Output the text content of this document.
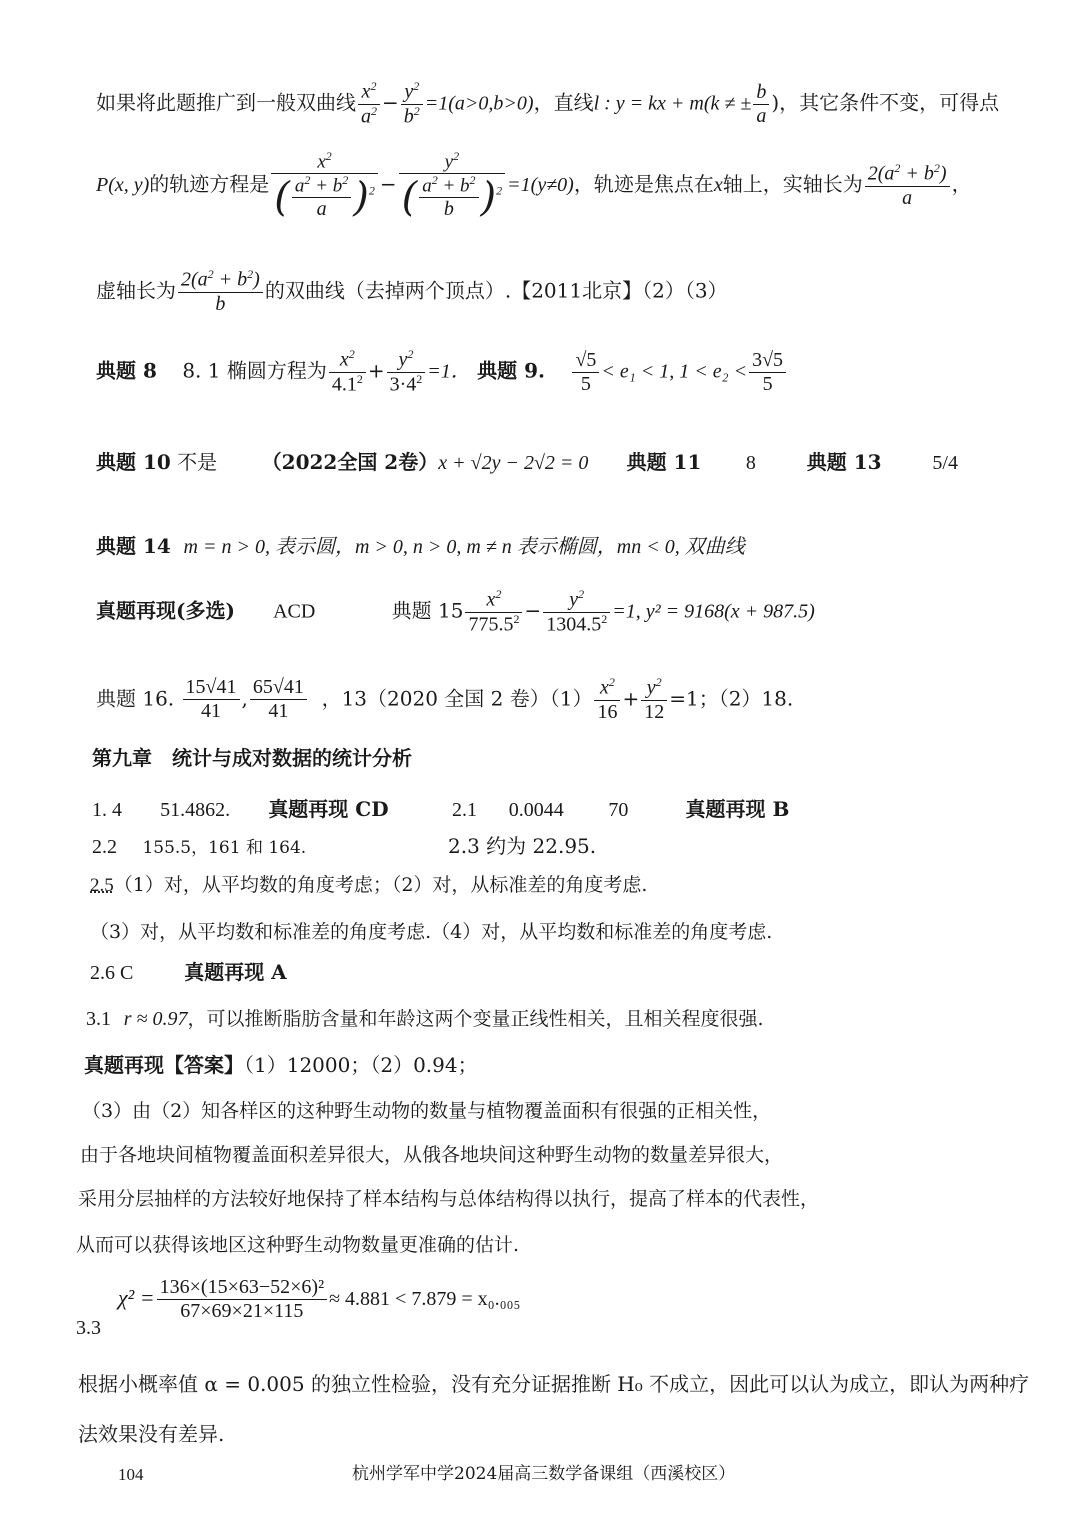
如果将此题推广到一般双曲线 $\frac{x^2}{a^2} - \frac{y^2}{b^2} =1(a>0,b>0)$，直线l : y = kx + m(k ≠ ± $\frac{b}{a}$ )，其它条件不变，可得点
P(x, y)的轨迹方程是 $\frac{x^2}{( \frac{a^2 + b^2}{a} )^2} - \frac{y^2}{( \frac{a^2 + b^2}{b} )^2} =1(y\ne 0)$，轨迹是焦点在x轴上，实轴长为 $\frac{2(a^2 + b^2)}{a}$ ，
虚轴长为 $\frac{2(a^2 + b^2)}{b}$ 的双曲线（去掉两个顶点）.【2011北京】（2）（3）
典题 8 8. 1 椭圆方程为 $\frac{x^2}{4.1^2} + \frac{y^2}{3\cdot 4^2} =1$． 典题 9. $\frac{√5}{5} < e_1 < 1$, $1 < e_2 < \frac{3√5}{5}$
典题 10 不是 （2022全国 2卷）x + √2y − 2√2 = 0 典题 11 8	典题 13	5/4
典题 14 m = n > 0, 表示圆，m > 0, n > 0, m ≠ n 表示椭圆，mn < 0, 双曲线
真题再现(多选) ACD	典题 $15 \frac{x^2}{775.5^2} - \frac{y^2}{1304.5^2} =1$, y² = 9168(x + 987.5)
典题 16. $\frac{15√41}{41}$ , $\frac{65√41}{41}$ ，13（2020 全国 2 卷）$(1) \frac{x^2}{16} + \frac{y^2}{12} =1$；（2）18.
第九章　统计与成对数据的统计分析
1. 4 51.4862. 真题再现 CD	2.1 0.0044 70	真题再现 B
2.2 155.5，161 和 164.	2.3 约为 22.95.
2.5（1）对，从平均数的角度考虑；（2）对，从标准差的角度考虑.
（3）对，从平均数和标准差的角度考虑.（4）对，从平均数和标准差的角度考虑.
2.6 C	真题再现 A
3.1 r ≈ 0.97，可以推断脂肪含量和年龄这两个变量正线性相关，且相关程度很强.
真题再现【答案】（1）12000；（2）0.94；
（3）由（2）知各样区的这种野生动物的数量与植物覆盖面积有很强的正相关性，
由于各地块间植物覆盖面积差异很大，从俄各地块间这种野生动物的数量差异很大，
采用分层抽样的方法较好地保持了样本结构与总体结构得以执行，提高了样本的代表性，
从而可以获得该地区这种野生动物数量更准确的估计.
3.3
$\chi^2 = \frac{\text{136×(15×63−52×6)²}}{67\times 69\times 21\times 115} \approx 4.881 < 7.879 = x_0._{005}$
根据小概率值 α = 0.005 的独立性检验，没有充分证据推断 H₀ 不成立，因此可以认为成立，即认为两种疗
法效果没有差异.
104	杭州学军中学2024届高三数学备课组（西溪校区）
